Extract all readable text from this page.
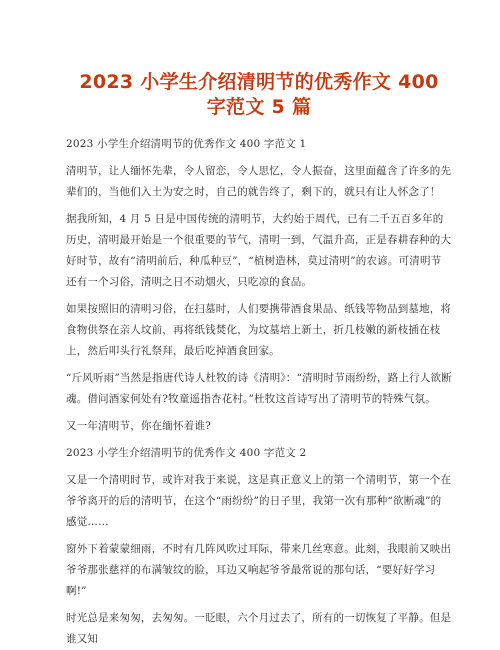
2023 小学生介绍清明节的优秀作文 400 字范文 5 篇

2023 小学生介绍清明节的优秀作文 400 字范文 1

清明节，让人缅怀先辈，令人留恋，令人思忆，令人振奋，这里面蕴含了许多的先辈们的，当他们入土为安之时，自己的就告终了，剩下的，就只有让人怀念了！

据我所知，4 月 5 日是中国传统的清明节，大约始于周代，已有二千五百多年的历史，清明最开始是一个很重要的节气，清明一到，气温升高，正是春耕春种的大好时节，故有“清明前后，种瓜种豆”，“植树造林，莫过清明”的农谚。可清明节还有一个习俗，清明之日不动烟火，只吃凉的食品。

如果按照旧的清明习俗，在扫墓时，人们要携带酒食果品、纸钱等物品到墓地，将食物供祭在亲人坟前，再将纸钱焚化，为坟墓培上新土，折几枝嫩的新枝插在枝上，然后叩头行礼祭拜，最后吃掉酒食回家。

“斤风听雨”当然是指唐代诗人杜牧的诗《清明》：“清明时节雨纷纷，路上行人欲断魂。借问酒家何处有?牧童遥指杏花村。”杜牧这首诗写出了清明节的特殊气氛。

又一年清明节，你在缅怀着谁?

2023 小学生介绍清明节的优秀作文 400 字范文 2

又是一个清明时节，或许对我于来说，这是真正意义上的第一个清明节，第一个在爷爷离开的后的清明节，在这个“雨纷纷”的日子里，我第一次有那种“欲断魂”的感觉……

窗外下着蒙蒙细雨，不时有几阵风吹过耳际，带来几丝寒意。此刻，我眼前又映出爷爷那张慈祥的布满皱纹的脸，耳边又响起爷爷最常说的那句话，“要好好学习啊!”

时光总是来匆匆，去匆匆。一眨眼，六个月过去了，所有的一切恢复了平静。但是谁又知
